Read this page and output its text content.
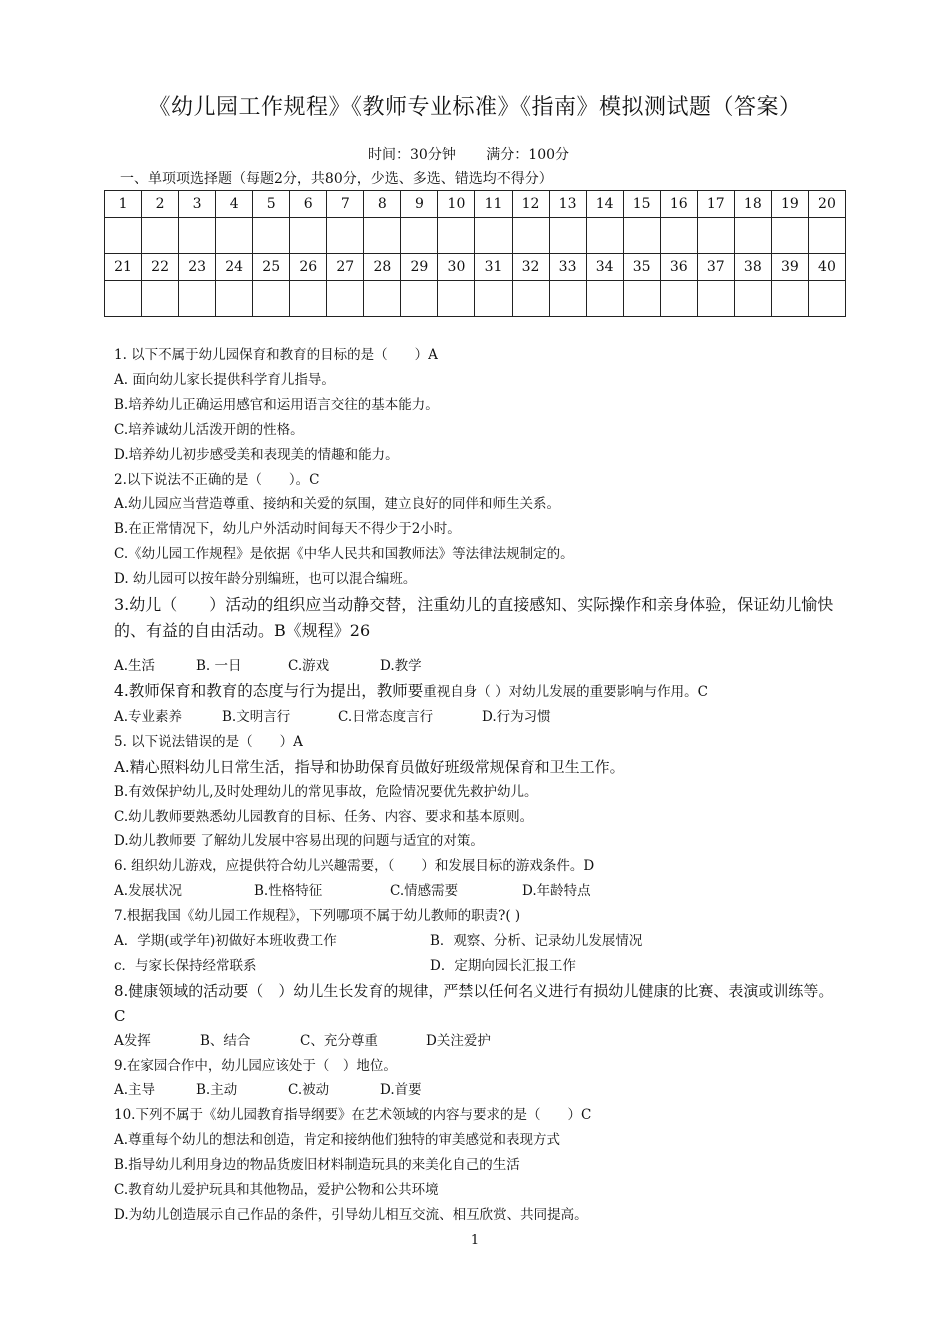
《幼儿园工作规程》《教师专业标准》《指南》模拟测试题（答案）
时间：30分钟 满分：100分
一、单项项选择题（每题2分，共80分，少选、多选、错选均不得分）
1	2	3	4	5	6	7	8	9	10	11	12	13	14	15	16	17	18	19	20

21	22	23	24	25	26	27	28	29	30	31	32	33	34	35	36	37	38	39	40

1. 以下不属于幼儿园保育和教育的目标的是（　　）A

A. 面向幼儿家长提供科学育儿指导。

B.培养幼儿正确运用感官和运用语言交往的基本能力。

C.培养诚幼儿活泼开朗的性格。

D.培养幼儿初步感受美和表现美的情趣和能力。

2.以下说法不正确的是（　　）。C

A.幼儿园应当营造尊重、接纳和关爱的氛围，建立良好的同伴和师生关系。

B.在正常情况下，幼儿户外活动时间每天不得少于2小时。

C.《幼儿园工作规程》是依据《中华人民共和国教师法》等法律法规制定的。

D. 幼儿园可以按年龄分别编班，也可以混合编班。

3.幼儿（　　）活动的组织应当动静交替，注重幼儿的直接感知、实际操作和亲身体验，保证幼儿愉快的、有益的自由活动。B《规程》26

A.生活	B. 一日	C.游戏	D.教学

4.教师保育和教育的态度与行为提出，教师要重视自身（ ）对幼儿发展的重要影响与作用。C

A.专业素养	B.文明言行	C.日常态度言行	D.行为习惯

5. 以下说法错误的是（　　）A

A.精心照料幼儿日常生活，指导和协助保育员做好班级常规保育和卫生工作。

B.有效保护幼儿,及时处理幼儿的常见事故，危险情况要优先救护幼儿。

C.幼儿教师要熟悉幼儿园教育的目标、任务、内容、要求和基本原则。

D.幼儿教师要 了解幼儿发展中容易出现的问题与适宜的对策。

6. 组织幼儿游戏，应提供符合幼儿兴趣需要，（　　）和发展目标的游戏条件。D

A.发展状况	B.性格特征	C.情感需要	D.年龄特点

7.根据我国《幼儿园工作规程》，下列哪项不属于幼儿教师的职责?( )

A．学期(或学年)初做好本班收费工作	B．观察、分析、记录幼儿发展情况

c．与家长保持经常联系	D．定期向园长汇报工作

8.健康领域的活动要（　）幼儿生长发育的规律，严禁以任何名义进行有损幼儿健康的比赛、表演或训练等。C

A发挥	B、结合	C、充分尊重	D关注爱护

9.在家园合作中，幼儿园应该处于（　）地位。

A.主导	B.主动	C.被动	D.首要

10.下列不属于《幼儿园教育指导纲要》在艺术领域的内容与要求的是（　　）C

A.尊重每个幼儿的想法和创造，肯定和接纳他们独特的审美感觉和表现方式

B.指导幼儿利用身边的物品货废旧材料制造玩具的来美化自己的生活

C.教育幼儿爱护玩具和其他物品，爱护公物和公共环境

D.为幼儿创造展示自己作品的条件，引导幼儿相互交流、相互欣赏、共同提高。

1
